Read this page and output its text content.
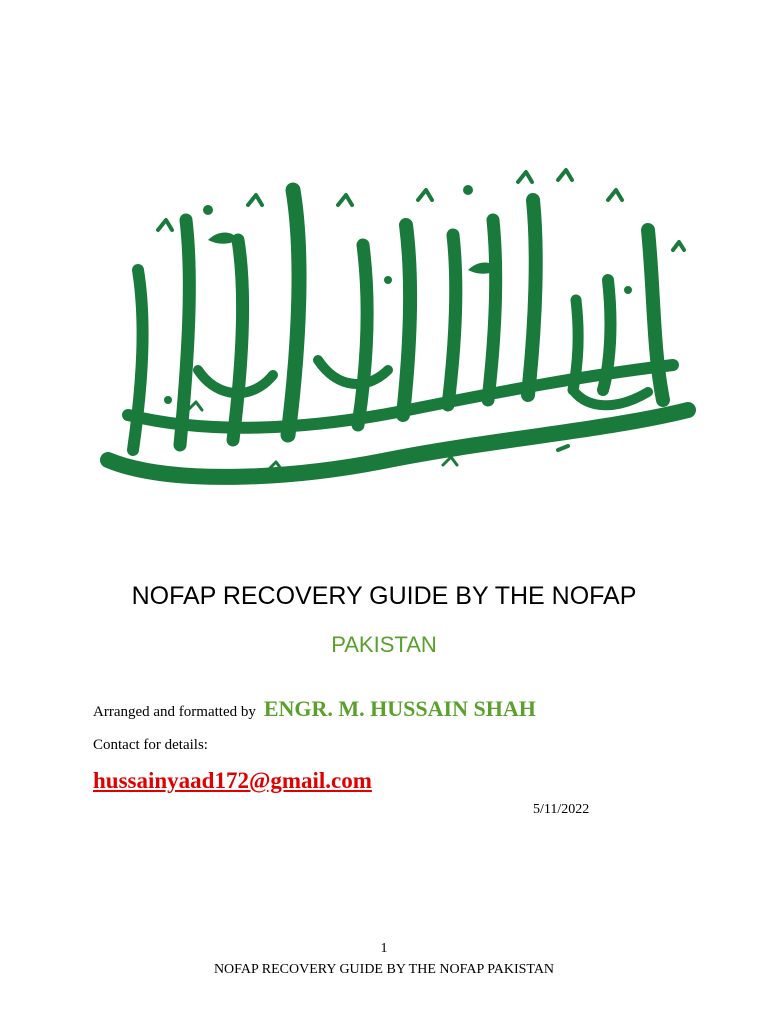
NOFAP RECOVERY GUIDE BY THE NOFAP
PAKISTAN
Arranged and formatted by ENGR. M. HUSSAIN SHAH
Contact for details:
hussainyaad172@gmail.com
5/11/2022
1
NOFAP RECOVERY GUIDE BY THE NOFAP PAKISTAN
